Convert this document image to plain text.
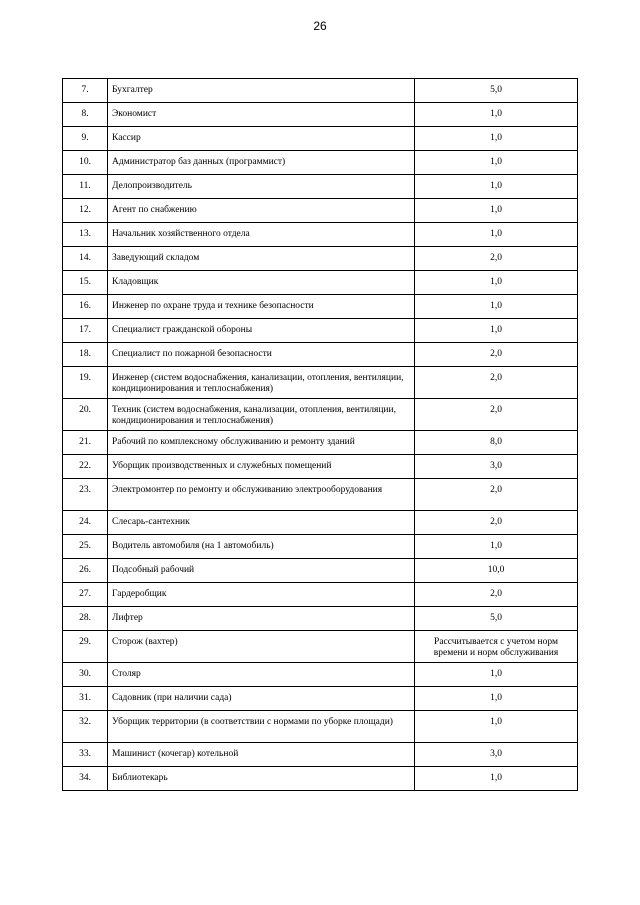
26
7.	Бухгалтер	5,0
8.	Экономист	1,0
9.	Кассир	1,0
10.	Администратор баз данных (программист)	1,0
11.	Делопроизводитель	1,0
12.	Агент по снабжению	1,0
13.	Начальник хозяйственного отдела	1,0
14.	Заведующий складом	2,0
15.	Кладовщик	1,0
16.	Инженер по охране труда и технике безопасности	1,0
17.	Специалист гражданской обороны	1,0
18.	Специалист по пожарной безопасности	2,0
19.	Инженер (систем водоснабжения, канализации, отопления, вентиляции, кондиционирования и теплоснабжения)	2,0
20.	Техник (систем водоснабжения, канализации, отопления, вентиляции, кондиционирования и теплоснабжения)	2,0
21.	Рабочий по комплексному обслуживанию и ремонту зданий	8,0
22.	Уборщик производственных и служебных помещений	3,0
23.	Электромонтер по ремонту и обслуживанию электрооборудования	2,0
24.	Слесарь-сантехник	2,0
25.	Водитель автомобиля (на 1 автомобиль)	1,0
26.	Подсобный рабочий	10,0
27.	Гардеробщик	2,0
28.	Лифтер	5,0
29.	Сторож (вахтер)	Рассчитывается с учетом норм времени и норм обслуживания
30.	Столяр	1,0
31.	Садовник (при наличии сада)	1,0
32.	Уборщик территории (в соответствии с нормами по уборке площади)	1,0
33.	Машинист (кочегар) котельной	3,0
34.	Библиотекарь	1,0
